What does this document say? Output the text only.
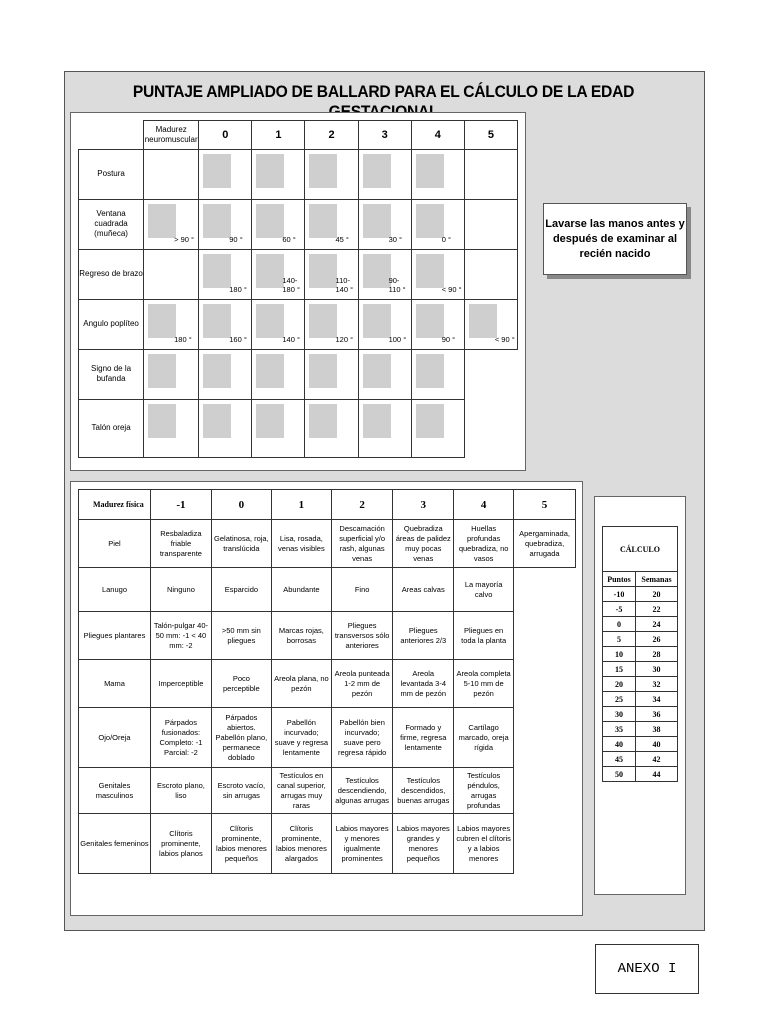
PUNTAJE AMPLIADO DE BALLARD PARA EL CÁLCULO DE LA EDAD
	Madurez neuromuscular	0	1	2	3	4	5
Postura	

Ventana cuadrada (muñeca)	> 90 °	90 °	60 °	45 °	30 °	0 °	

Regreso de brazo		180 °	140-180 °	110-140 °	90-110 °	< 90 °	

Angulo poplíteo	180 °	160 °	140 °	120 °	100 °	90 °	< 90 °

Signo de la bufanda	

Talón oreja	

Lavarse las manos antes y después de examinar al recién nacido
Madurez física	-1	0	1	2	3	4	5
Piel	Resbaladiza friable transparente	Gelatinosa, roja, translúcida	Lisa, rosada, venas visibles	Descamación superficial y/o rash, algunas venas	Quebradiza áreas de palidez muy pocas venas	Huellas profundas quebradiza, no vasos	Apergaminada, quebradiza, arrugada
Lanugo	Ninguno	Esparcido	Abundante	Fino	Areas calvas	La mayoría calvo	
Pliegues plantares	Talón-pulgar 40-50 mm: -1 < 40 mm: -2	>50 mm sin pliegues	Marcas rojas, borrosas	Pliegues transversos sólo anteriores	Pliegues anteriores 2/3	Pliegues en toda la planta	
Mama	Imperceptible	Poco perceptible	Areola plana, no pezón	Areola punteada 1-2 mm de pezón	Areola levantada 3-4 mm de pezón	Areola completa 5-10 mm de pezón	
Ojo/Oreja	Párpados fusionados: Completo: -1 Parcial: -2	Párpados abiertos. Pabellón plano, permanece doblado	Pabellón incurvado; suave y regresa lentamente	Pabellón bien incurvado; suave pero regresa rápido	Formado y firme, regresa lentamente	Cartílago marcado, oreja rígida	
Genitales masculinos	Escroto plano, liso	Escroto vacío, sin arrugas	Testículos en canal superior, arrugas muy raras	Testículos descendiendo, algunas arrugas	Testículos descendidos, buenas arrugas	Testículos péndulos, arrugas profundas	
Genitales femeninos	Clítoris prominente, labios planos	Clítoris prominente, labios menores pequeños	Clítoris prominente, labios menores alargados	Labios mayores y menores igualmente prominentes	Labios mayores grandes y menores pequeños	Labios mayores cubren el clítoris y a labios menores	
CÁLCULO	
Puntos	Semanas
-10	20
-5	22
0	24
5	26
10	28
15	30
20	32
25	34
30	36
35	38
40	40
45	42
50	44
ANEXO I
